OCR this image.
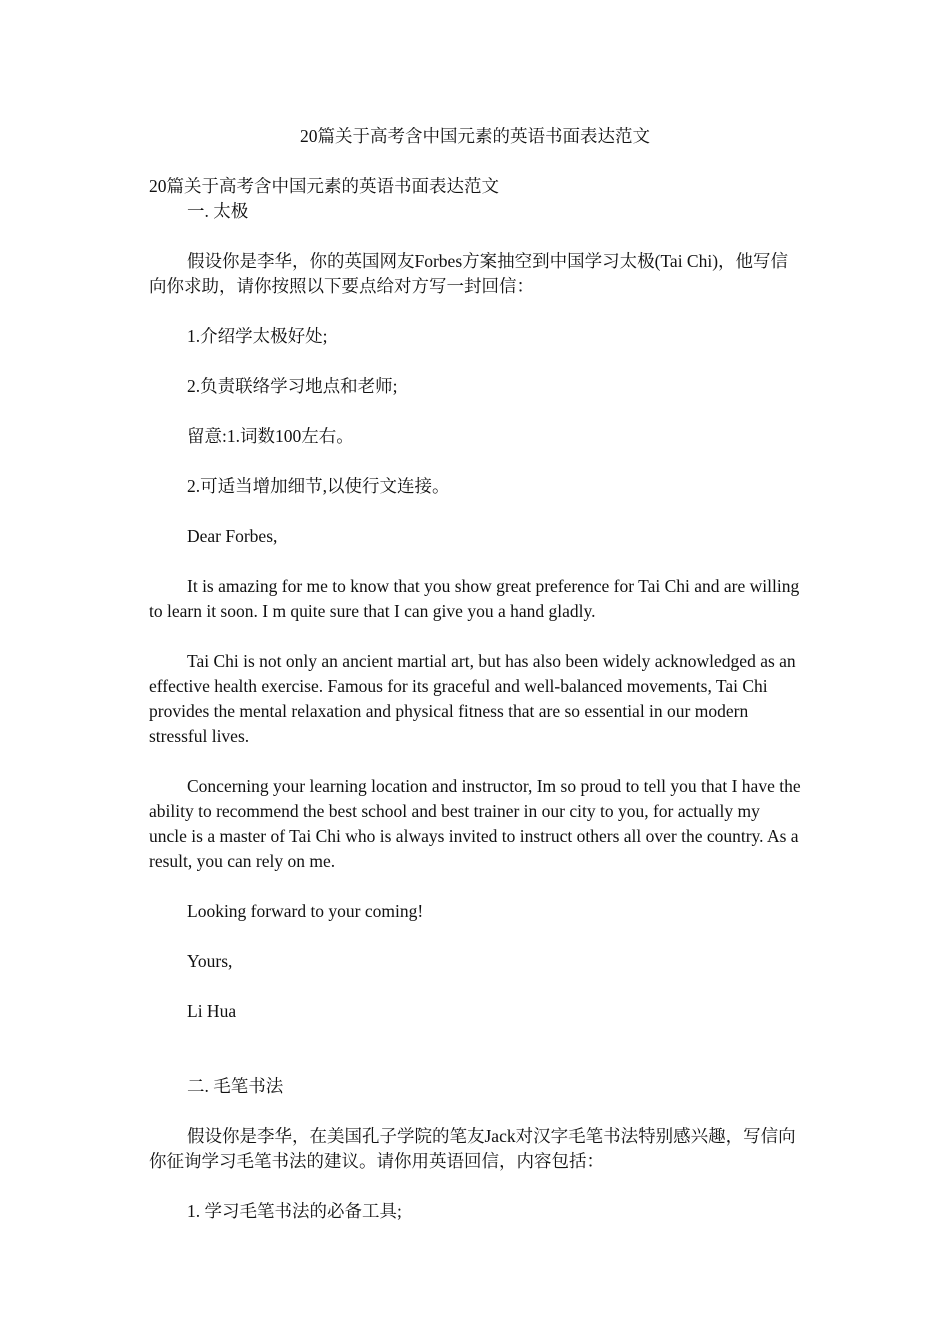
20篇关于高考含中国元素的英语书面表达范文
20篇关于高考含中国元素的英语书面表达范文
一. 太极

假设你是李华，你的英国网友Forbes方案抽空到中国学习太极(Tai Chi)，他写信向你求助，请你按照以下要点给对方写一封回信：

1.介绍学太极好处;

2.负责联络学习地点和老师;

留意:1.词数100左右。

2.可适当增加细节,以使行文连接。

Dear Forbes,

It is amazing for me to know that you show great preference for Tai Chi and are willing to learn it soon. I m quite sure that I can give you a hand gladly.

Tai Chi is not only an ancient martial art, but has also been widely acknowledged as an effective health exercise. Famous for its graceful and well-balanced movements, Tai Chi provides the mental relaxation and physical fitness that are so essential in our modern stressful lives.

Concerning your learning location and instructor, Im so proud to tell you that I have the ability to recommend the best school and best trainer in our city to you, for actually my uncle is a master of Tai Chi who is always invited to instruct others all over the country. As a result, you can rely on me.

Looking forward to your coming!

Yours,

Li Hua

二. 毛笔书法

假设你是李华，在美国孔子学院的笔友Jack对汉字毛笔书法特别感兴趣，写信向你征询学习毛笔书法的建议。请你用英语回信，内容包括：

1. 学习毛笔书法的必备工具;
